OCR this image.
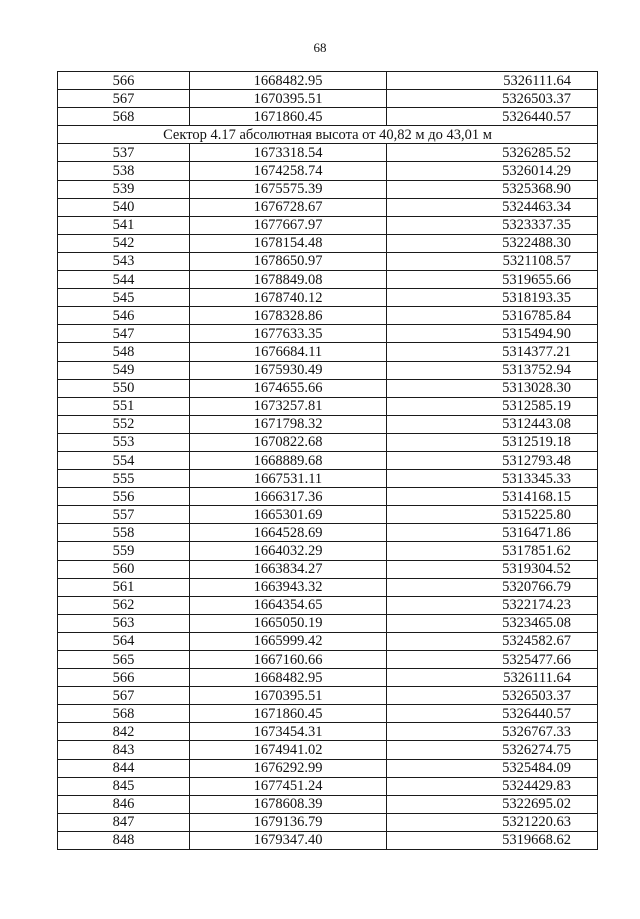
68
566	1668482.95	5326111.64
567	1670395.51	5326503.37
568	1671860.45	5326440.57
Сектор 4.17 абсолютная высота от 40,82 м до 43,01 м		
537	1673318.54	5326285.52
538	1674258.74	5326014.29
539	1675575.39	5325368.90
540	1676728.67	5324463.34
541	1677667.97	5323337.35
542	1678154.48	5322488.30
543	1678650.97	5321108.57
544	1678849.08	5319655.66
545	1678740.12	5318193.35
546	1678328.86	5316785.84
547	1677633.35	5315494.90
548	1676684.11	5314377.21
549	1675930.49	5313752.94
550	1674655.66	5313028.30
551	1673257.81	5312585.19
552	1671798.32	5312443.08
553	1670822.68	5312519.18
554	1668889.68	5312793.48
555	1667531.11	5313345.33
556	1666317.36	5314168.15
557	1665301.69	5315225.80
558	1664528.69	5316471.86
559	1664032.29	5317851.62
560	1663834.27	5319304.52
561	1663943.32	5320766.79
562	1664354.65	5322174.23
563	1665050.19	5323465.08
564	1665999.42	5324582.67
565	1667160.66	5325477.66
566	1668482.95	5326111.64
567	1670395.51	5326503.37
568	1671860.45	5326440.57
842	1673454.31	5326767.33
843	1674941.02	5326274.75
844	1676292.99	5325484.09
845	1677451.24	5324429.83
846	1678608.39	5322695.02
847	1679136.79	5321220.63
848	1679347.40	5319668.62
